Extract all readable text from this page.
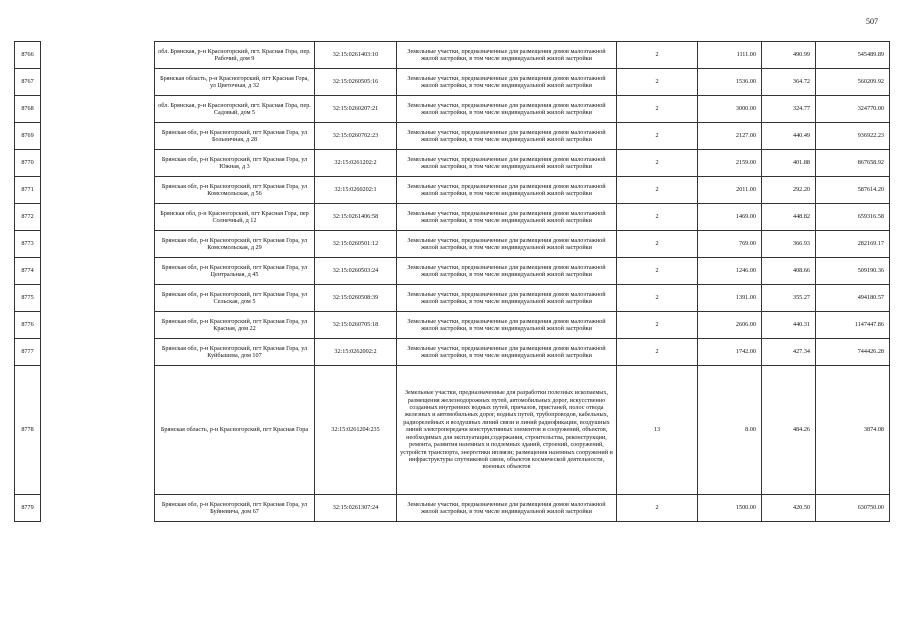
507
8766		обл. Брянская, р-н Красногорский, пгт. Красная Гора, пер. Рабочий, дом 9	32:15:0261403:10	Земельные участки, предназначенные для размещения домов малоэтажной жилой застройки, в том числе индивидуальной жилой застройки	2	1111.00	490.99	545489.89
8767		Брянская область, р-н Красногорский, пгт Красная Гора, ул Цветочная, д 32	32:15:0260505:16	Земельные участки, предназначенные для размещения домов малоэтажной жилой застройки, в том числе индивидуальной жилой застройки	2	1536.00	364.72	560209.92
8768		обл. Брянская, р-н Красногорский, пгт. Красная Гора, пер. Садовый, дом 5	32:15:0260207:21	Земельные участки, предназначенные для размещения домов малоэтажной жилой застройки, в том числе индивидуальной жилой застройки	2	3000.00	324.77	324770.00
8769		Брянская обл, р-н Красногорский, пгт Красная Гора, ул Больничная, д 28	32:15:0260702:23	Земельные участки, предназначенные для размещения домов малоэтажной жилой застройки, в том числе индивидуальной жилой застройки	2	2127.00	440.49	936922.23
8770		Брянская обл, р-н Красногорский, пгт Красная Гора, ул Южная, д 3	32:15:0261202:2	Земельные участки, предназначенные для размещения домов малоэтажной жилой застройки, в том числе индивидуальной жилой застройки	2	2159.00	401.88	867658.92
8771		Брянская обл, р-н Красногорский, пгт Красная Гора, ул Комсомольская, д 56	32:15:0260202:1	Земельные участки, предназначенные для размещения домов малоэтажной жилой застройки, в том числе индивидуальной жилой застройки	2	2011.00	292.20	587614.20
8772		Брянская обл, р-н Красногорский, пгт Красная Гора, пер Солнечный, д 12	32:15:0261406:58	Земельные участки, предназначенные для размещения домов малоэтажной жилой застройки, в том числе индивидуальной жилой застройки	2	1469.00	448.82	659316.58
8773		Брянская обл, р-н Красногорский, пгт Красная Гора, ул Комсомольская, д 29	32:15:0260501:12	Земельные участки, предназначенные для размещения домов малоэтажной жилой застройки, в том числе индивидуальной жилой застройки	2	769.00	366.93	282169.17
8774		Брянская обл, р-н Красногорский, пгт Красная Гора, ул Центральная, д 45	32:15:0260503:24	Земельные участки, предназначенные для размещения домов малоэтажной жилой застройки, в том числе индивидуальной жилой застройки	2	1246.00	408.66	509190.36
8775		Брянская обл, р-н Красногорский, пгт Красная Гора, ул Сельская, дом 5	32:15:0260508:39	Земельные участки, предназначенные для размещения домов малоэтажной жилой застройки, в том числе индивидуальной жилой застройки	2	1391.00	355.27	494180.57
8776		Брянская обл, р-н Красногорский, пгт Красная Гора, ул Красная, дом 22	32:15:0260705:18	Земельные участки, предназначенные для размещения домов малоэтажной жилой застройки, в том числе индивидуальной жилой застройки	2	2606.00	440.31	1147447.86
8777		Брянская обл, р-н Красногорский, пгт Красная Гора, ул Куйбышева, дом 107	32:15:0262002:2	Земельные участки, предназначенные для размещения домов малоэтажной жилой застройки, в том числе индивидуальной жилой застройки	2	1742.00	427.34	744426.28
8778		Брянская область, р-н Красногорский, пгт Красная Гора	32:15:0261204:235	Земельные участки, предназначенные для разработки полезных ископаемых, размещения железнодорожных путей, автомобильных дорог, искусственно созданных внутренних водных путей, причалов, пристаней, полос отвода железных и автомобильных дорог, водных путей, трубопроводов, кабельных, радиорелейных и воздушных линий связи и линий радиофикации, воздушных линий электропередачи конструктивных элементов и сооружений, объектов, необходимых для эксплуатации,содержания, строительства, реконструкции, ремонта, развития наземных и подземных зданий, строений, сооружений, устройств транспорта, энергетики ипзвязи; размещения наземных сооружений и инфраструктуры спутниковой связи, объектов космической деятельности, военных объектов	13	8.00	484.26	3874.08
8779		Брянская обл, р-н Красногорский, пгт Красная Гора, ул Буйневича, дом 67	32:15:0261307:24	Земельные участки, предназначенные для размещения домов малоэтажной жилой застройки, в том числе индивидуальной жилой застройки	2	1500.00	420.50	630750.00
